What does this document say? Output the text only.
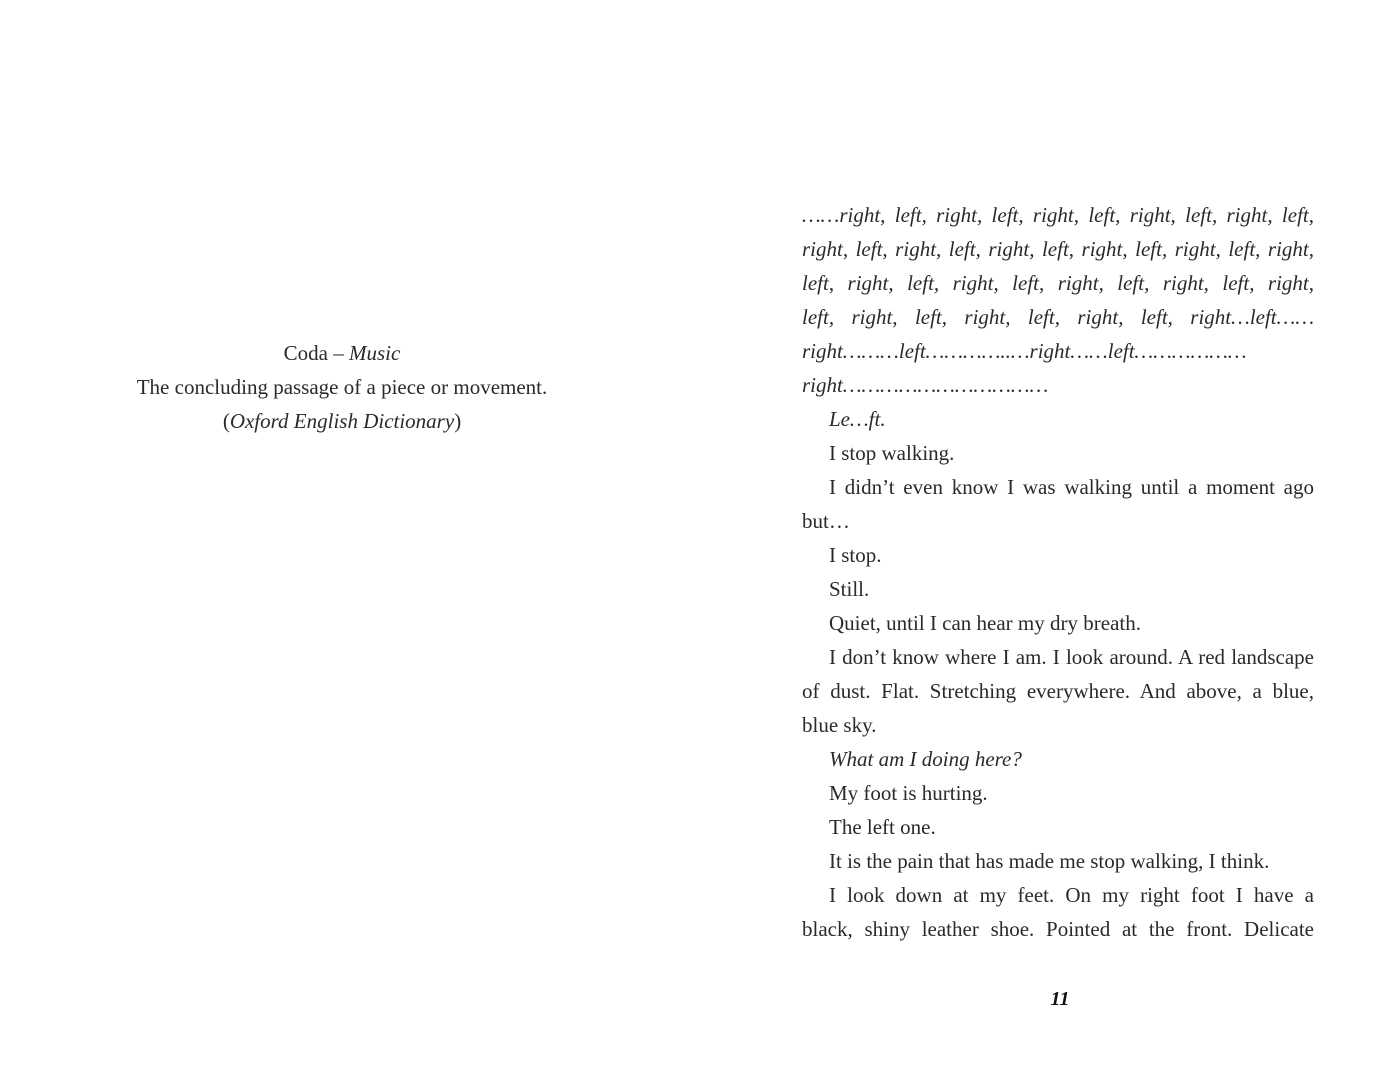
Coda – Music
The concluding passage of a piece or movement.
(Oxford English Dictionary)
……right, left, right, left, right, left, right, left, right, left,
right, left, right, left, right, left, right, left, right, left, right,
left, right, left, right, left, right, left, right, left, right,
left, right, left, right, left, right, left, right…left……
right………left…………..…right……left………………
right……………………………
Le…ft.
I stop walking.
I didn’t even know I was walking until a moment ago
but…
I stop.
Still.
Quiet, until I can hear my dry breath.
I don’t know where I am. I look around. A red landscape
of dust. Flat. Stretching everywhere. And above, a blue,
blue sky.
What am I doing here?
My foot is hurting.
The left one.
It is the pain that has made me stop walking, I think.
I look down at my feet. On my right foot I have a
black, shiny leather shoe. Pointed at the front. Delicate
11
